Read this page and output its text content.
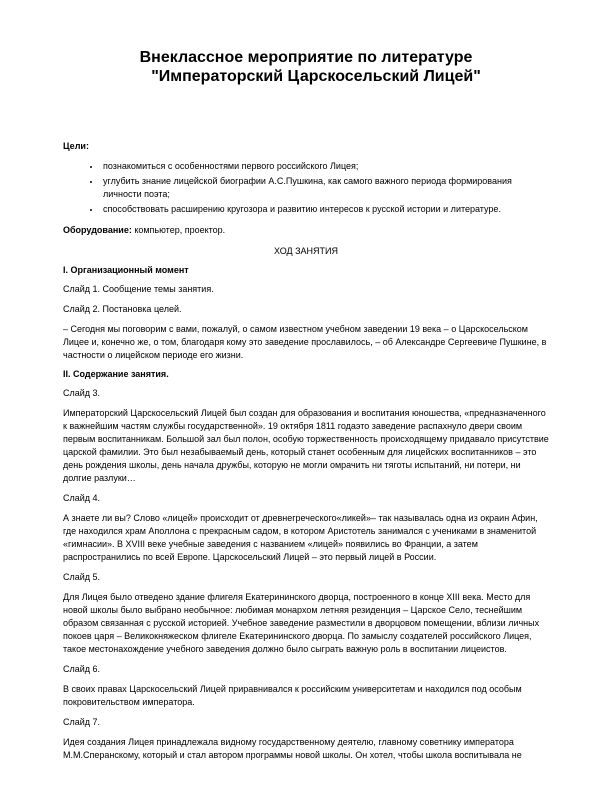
Внеклассное мероприятие по литературе
"Императорский Царскосельский Лицей"
Цели:
• познакомиться с особенностями первого российского Лицея;
• углубить знание лицейской биографии А.С.Пушкина, как самого важного периода формирования личности поэта;
• способствовать расширению кругозора и развитию интересов к русской истории и литературе.

Оборудование: компьютер, проектор.

ХОД ЗАНЯТИЯ

I. Организационный момент

Слайд 1. Сообщение темы занятия.

Слайд 2. Постановка целей.

– Сегодня мы поговорим с вами, пожалуй, о самом известном учебном заведении 19 века – о Царскосельском Лицее и, конечно же, о том, благодаря кому это заведение прославилось, – об Александре Сергеевиче Пушкине, в частности о лицейском периоде его жизни.

II. Содержание занятия.

Слайд 3.

Императорский Царскосельский Лицей был создан для образования и воспитания юношества, «предназначенного к важнейшим частям службы государственной». 19 октября 1811 годаэто заведение распахнуло двери своим первым воспитанникам. Большой зал был полон, особую торжественность происходящему придавало присутствие царской фамилии. Это был незабываемый день, который станет особенным для лицейских воспитанников – это день рождения школы, день начала дружбы, которую не могли омрачить ни тяготы испытаний, ни потери, ни долгие разлуки…

Слайд 4.

А знаете ли вы? Слово «лицей» происходит от древнегреческого«ликей»– так называлась одна из окраин Афин, где находился храм Аполлона с прекрасным садом, в котором Аристотель занимался с учениками в знаменитой «гимнасии». В XVIII веке учебные заведения с названием «лицей» появились во Франции, а затем распространились по всей Европе. Царскосельский Лицей – это первый лицей в России.

Слайд 5.

Для Лицея было отведено здание флигеля Екатерининского дворца, построенного в конце XIII века. Место для новой школы было выбрано необычное: любимая монархом летняя резиденция – Царское Село, теснейшим образом связанная с русской историей. Учебное заведение разместили в дворцовом помещении, вблизи личных покоев царя – Великокняжеском флигеле Екатерининского дворца. По замыслу создателей российского Лицея, такое местонахождение учебного заведения должно было сыграть важную роль в воспитании лицеистов.

Слайд 6.

В своих правах Царскосельский Лицей приравнивался к российским университетам и находился под особым покровительством императора.

Слайд 7.

Идея создания Лицея принадлежала видному государственному деятелю, главному советнику императора М.М.Сперанскому, который и стал автором программы новой школы. Он хотел, чтобы школа воспитывала не
